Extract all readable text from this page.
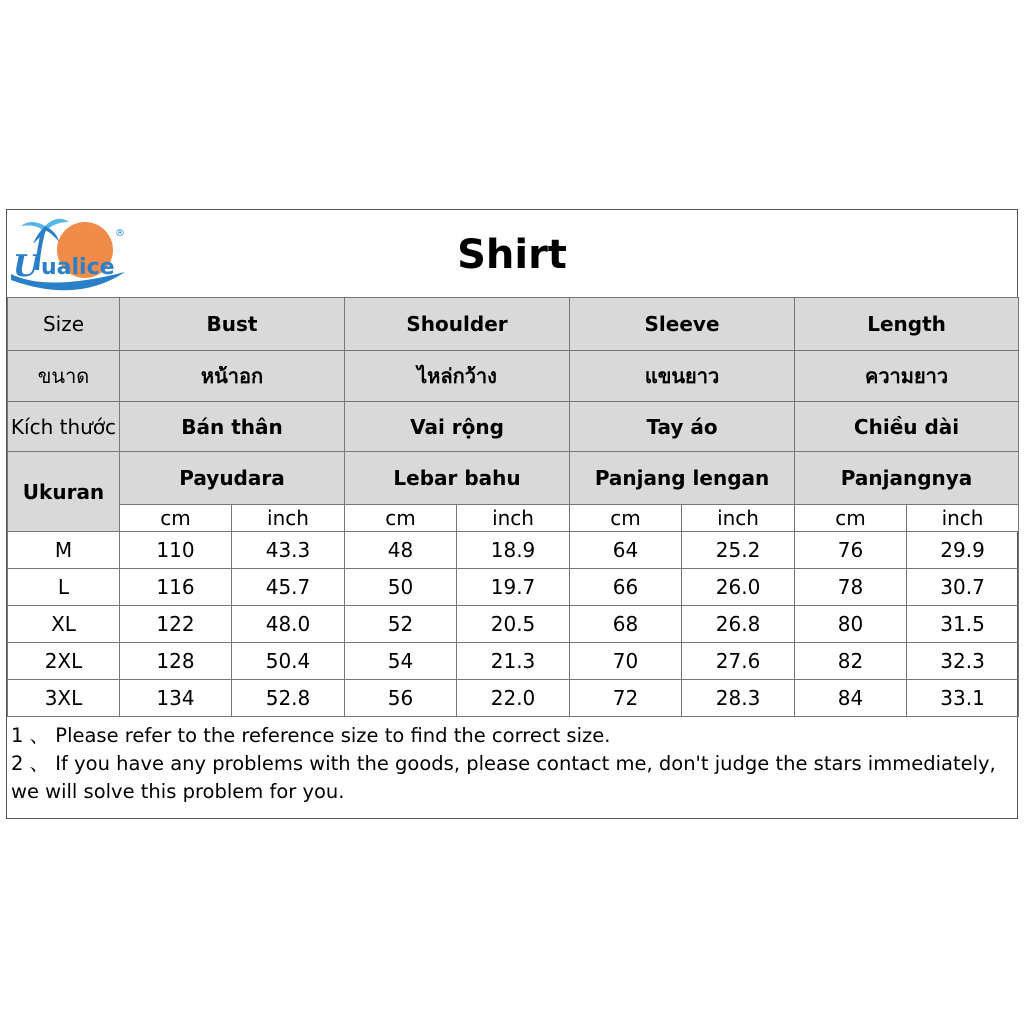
U ualice
®	Shirt
Size	Bust		Shoulder		Sleeve		Length	
ขนาด	หน้าอก		ไหล่กว้าง		แขนยาว		ความยาว	
Kích thước	Bán thân		Vai rộng		Tay áo		Chiều dài	
Ukuran	Payudara		Lebar bahu		Panjang lengan		Panjangnya	
	cm	inch	cm	inch	cm	inch	cm	inch
M	110	43.3	48	18.9	64	25.2	76	29.9
L	116	45.7	50	19.7	66	26.0	78	30.7
XL	122	48.0	52	20.5	68	26.8	80	31.5
2XL	128	50.4	54	21.3	70	27.6	82	32.3
3XL	134	52.8	56	22.0	72	28.3	84	33.1
1 、 Please refer to the reference size to find the correct size.
2 、 If you have any problems with the goods, please contact me, don't judge the stars immediately,
we will solve this problem for you.
